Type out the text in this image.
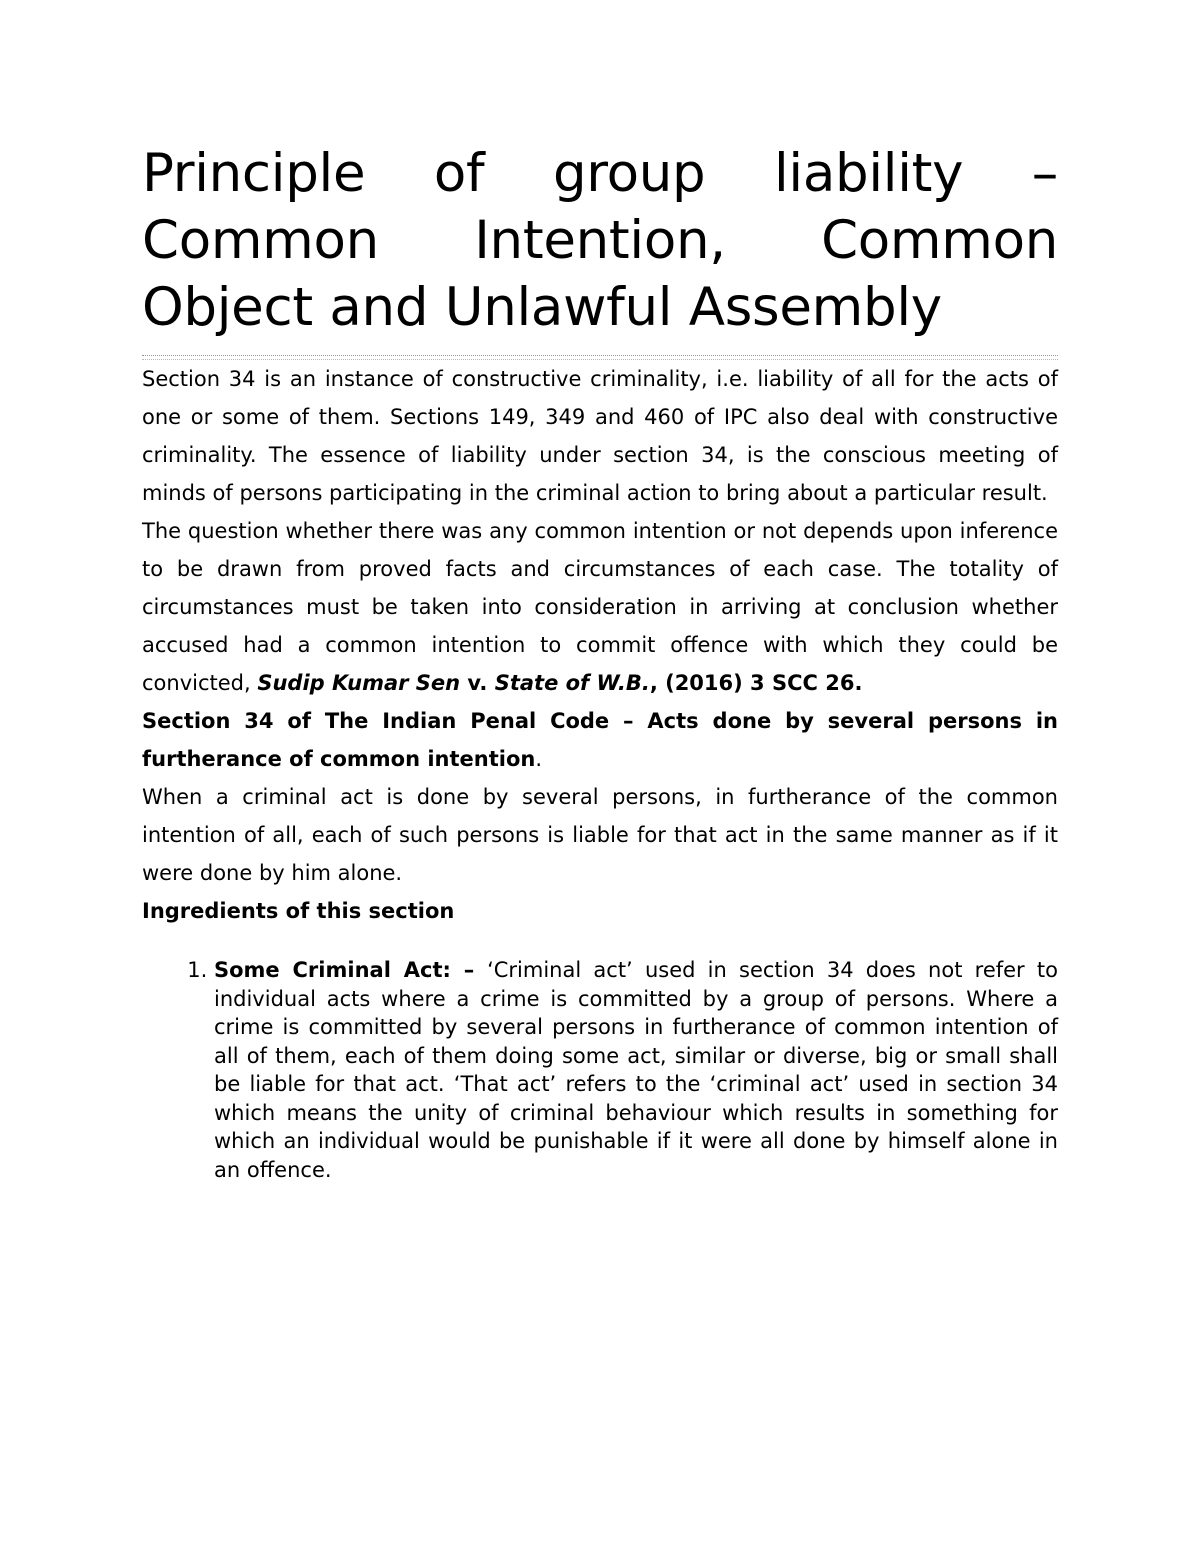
Principle of group liability – Common Intention, Common Object and Unlawful Assembly

Section 34 is an instance of constructive criminality, i.e. liability of all for the acts of one or some of them. Sections 149, 349 and 460 of IPC also deal with constructive criminality. The essence of liability under section 34, is the conscious meeting of minds of persons participating in the criminal action to bring about a particular result.

The question whether there was any common intention or not depends upon inference to be drawn from proved facts and circumstances of each case. The totality of circumstances must be taken into consideration in arriving at conclusion whether accused had a common intention to commit offence with which they could be convicted, Sudip Kumar Sen v. State of W.B., (2016) 3 SCC 26.

Section 34 of The Indian Penal Code – Acts done by several persons in furtherance of common intention.

When a criminal act is done by several persons, in furtherance of the common intention of all, each of such persons is liable for that act in the same manner as if it were done by him alone.

Ingredients of this section

1. Some Criminal Act: – ‘Criminal act’ used in section 34 does not refer to individual acts where a crime is committed by a group of persons. Where a crime is committed by several persons in furtherance of common intention of all of them, each of them doing some act, similar or diverse, big or small shall be liable for that act. ‘That act’ refers to the ‘criminal act’ used in section 34 which means the unity of criminal behaviour which results in something for which an individual would be punishable if it were all done by himself alone in an offence.
